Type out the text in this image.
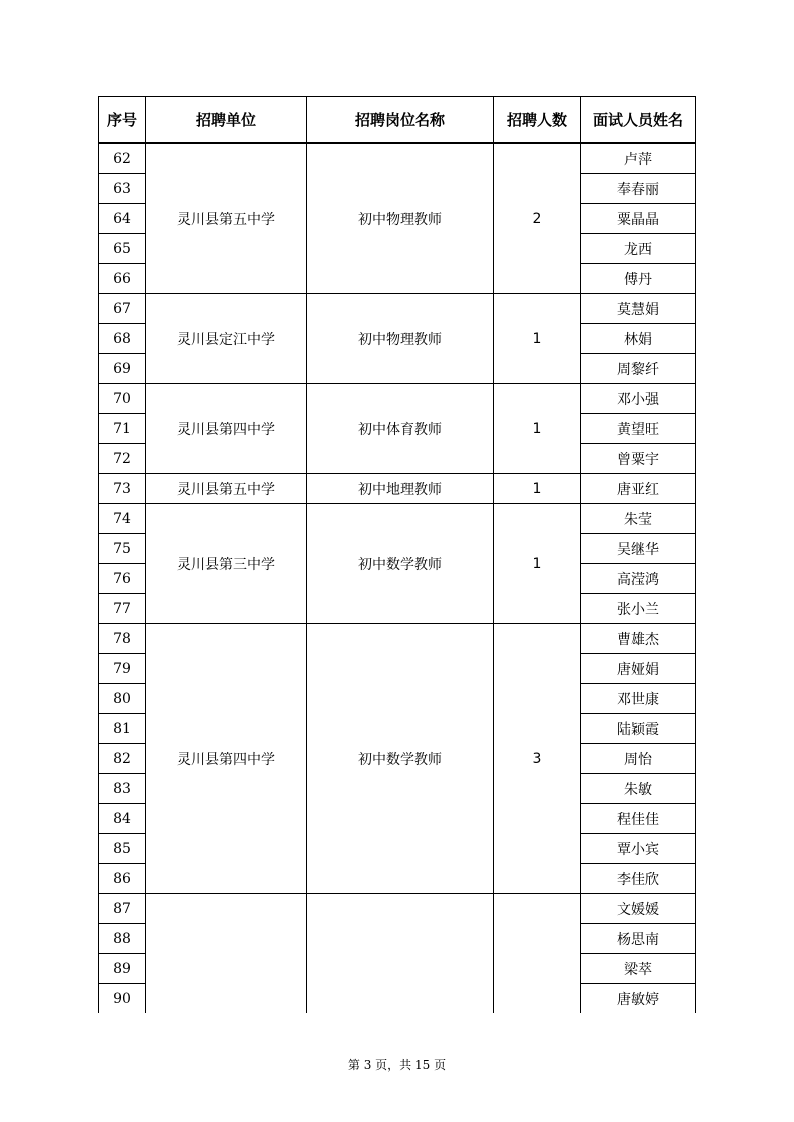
序号	招聘单位	招聘岗位名称	招聘人数	面试人员姓名
62	灵川县第五中学	初中物理教师	2	卢萍
63				奉春丽
64				粟晶晶
65				龙西
66				傅丹
67	灵川县定江中学	初中物理教师	1	莫慧娟
68				林娟
69				周黎纤
70	灵川县第四中学	初中体育教师	1	邓小强
71				黄望旺
72				曾粟宇
73	灵川县第五中学	初中地理教师	1	唐亚红
74	灵川县第三中学	初中数学教师	1	朱莹
75				吴继华
76				高滢鸿
77				张小兰
78	灵川县第四中学	初中数学教师	3	曹雄杰
79				唐娅娟
80				邓世康
81				陆颖霞
82				周怡
83				朱敏
84				程佳佳
85				覃小宾
86				李佳欣
87				文媛媛
88				杨思南
89				梁萃
90				唐敏婷
第 3 页，共 15 页
